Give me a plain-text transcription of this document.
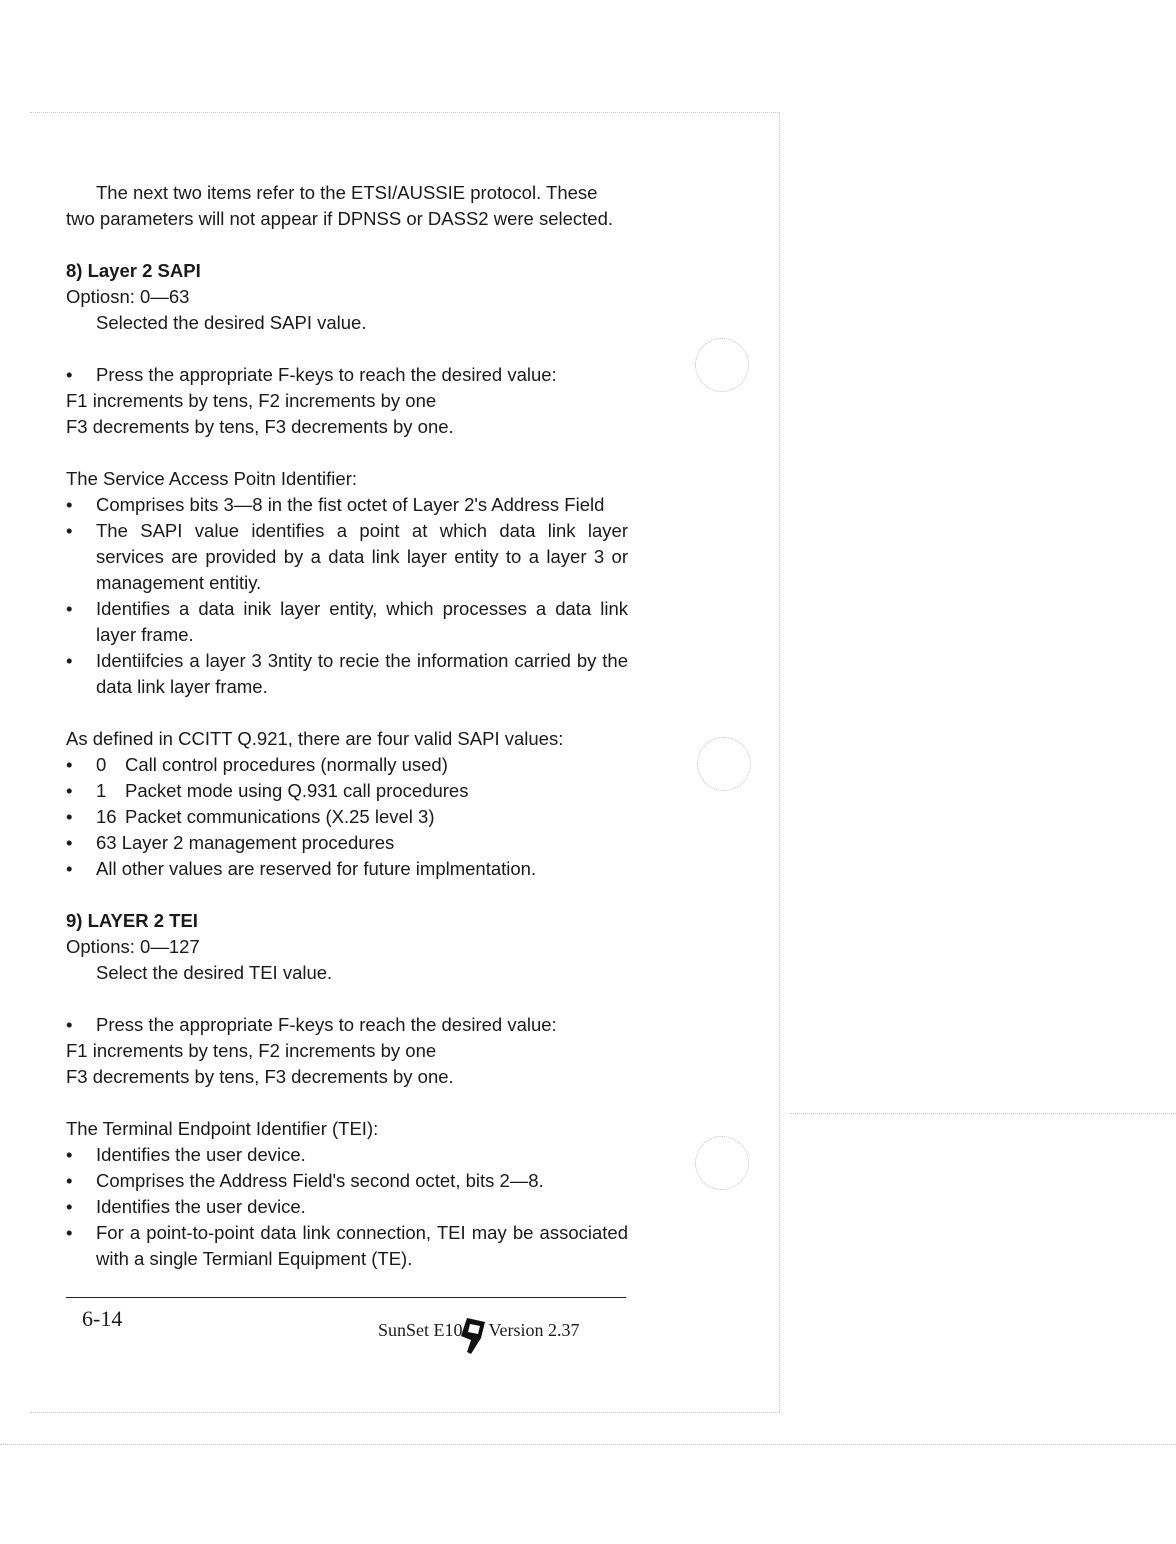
The next two items refer to the ETSI/AUSSIE protocol. These

two parameters will not appear if DPNSS or DASS2 were selected.

8) Layer 2 SAPI

Optiosn: 0—63

Selected the desired SAPI value.

• Press the appropriate F-keys to reach the desired value:

F1 increments by tens, F2 increments by one

F3 decrements by tens, F3 decrements by one.

The Service Access Poitn Identifier:

• Comprises bits 3—8 in the fist octet of Layer 2's Address Field
• The SAPI value identifies a point at which data link layer services are provided by a data link layer entity to a layer 3 or management entitiy.
• Identifies a data inik layer entity, which processes a data link layer frame.
• Identiifcies a layer 3 3ntity to recie the information carried by the data link layer frame.

As defined in CCITT Q.921, there are four valid SAPI values:

• 0 Call control procedures (normally used)
• 1 Packet mode using Q.931 call procedures
• 16 Packet communications (X.25 level 3)
• 63 Layer 2 management procedures
• All other values are reserved for future implmentation.

9) LAYER 2 TEI

Options: 0—127

Select the desired TEI value.

• Press the appropriate F-keys to reach the desired value:

F1 increments by tens, F2 increments by one

F3 decrements by tens, F3 decrements by one.

The Terminal Endpoint Identifier (TEI):

• Identifies the user device.
• Comprises the Address Field's second octet, bits 2—8.
• Identifies the user device.
• For a point-to-point data link connection, TEI may be associated with a single Termianl Equipment (TE).
6-14	SunSet E10 Version 2.37
